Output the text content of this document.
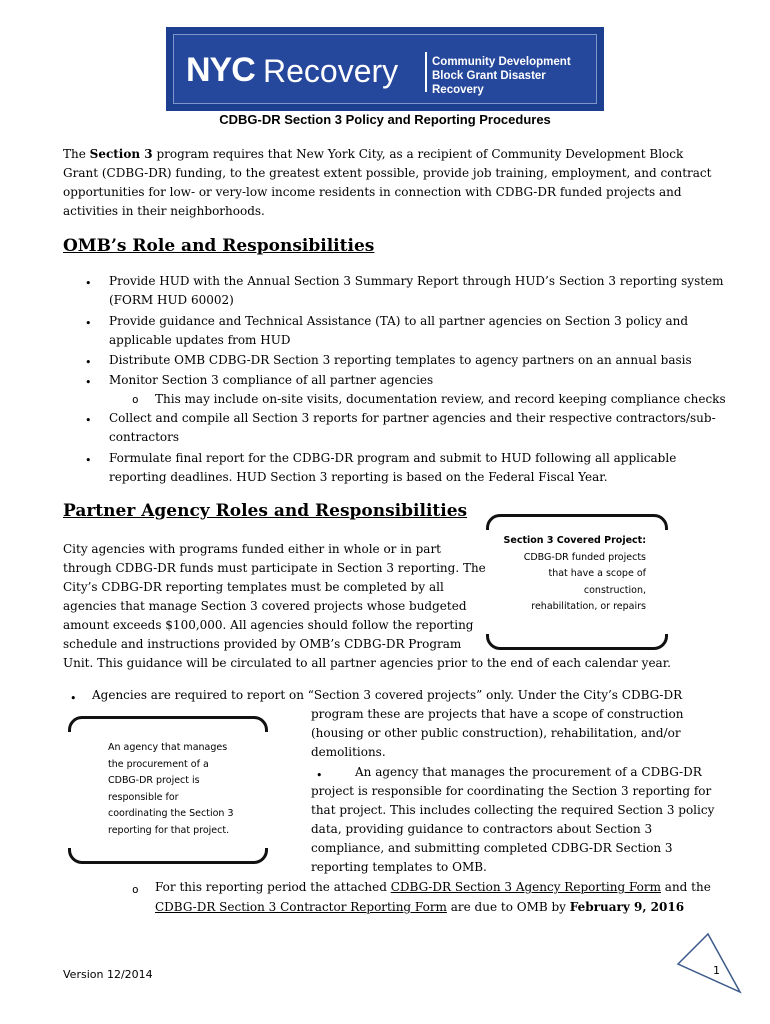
NYC Recovery	Community Development
Block Grant Disaster
Recovery
CDBG-DR Section 3 Policy and Reporting Procedures
The Section 3 program requires that New York City, as a recipient of Community Development Block Grant (CDBG-DR) funding, to the greatest extent possible, provide job training, employment, and contract opportunities for low- or very-low income residents in connection with CDBG-DR funded projects and activities in their neighborhoods.
OMB’s Role and Responsibilities
• Provide HUD with the Annual Section 3 Summary Report through HUD’s Section 3 reporting system
(FORM HUD 60002)
• Provide guidance and Technical Assistance (TA) to all partner agencies on Section 3 policy and
applicable updates from HUD
• Distribute OMB CDBG-DR Section 3 reporting templates to agency partners on an annual basis
• Monitor Section 3 compliance of all partner agencies
o This may include on-site visits, documentation review, and record keeping compliance checks
• Collect and compile all Section 3 reports for partner agencies and their respective contractors/sub-
contractors
• Formulate final report for the CDBG-DR program and submit to HUD following all applicable
reporting deadlines. HUD Section 3 reporting is based on the Federal Fiscal Year.
Partner Agency Roles and Responsibilities
Section 3 Covered Project:
CDBG-DR funded projects
that have a scope of
construction,
rehabilitation, or repairs
City agencies with programs funded either in whole or in part
through CDBG-DR funds must participate in Section 3 reporting. The
City’s CDBG-DR reporting templates must be completed by all
agencies that manage Section 3 covered projects whose budgeted
amount exceeds $100,000. All agencies should follow the reporting
schedule and instructions provided by OMB’s CDBG-DR Program
Unit. This guidance will be circulated to all partner agencies prior to the end of each calendar year.
• Agencies are required to report on “Section 3 covered projects” only. Under the City’s CDBG-DR
program these are projects that have a scope of construction
(housing or other public construction), rehabilitation, and/or
demolitions.
•	An agency that manages the procurement of a CDBG-DR
project is responsible for coordinating the Section 3 reporting for
that project. This includes collecting the required Section 3 policy
data, providing guidance to contractors about Section 3
compliance, and submitting completed CDBG-DR Section 3
reporting templates to OMB.
An agency that manages
the procurement of a
CDBG-DR project is
responsible for
coordinating the Section 3
reporting for that project.
o For this reporting period the attached CDBG-DR Section 3 Agency Reporting Form and the
CDBG-DR Section 3 Contractor Reporting Form are due to OMB by February 9, 2016
Version 12/2014	1
